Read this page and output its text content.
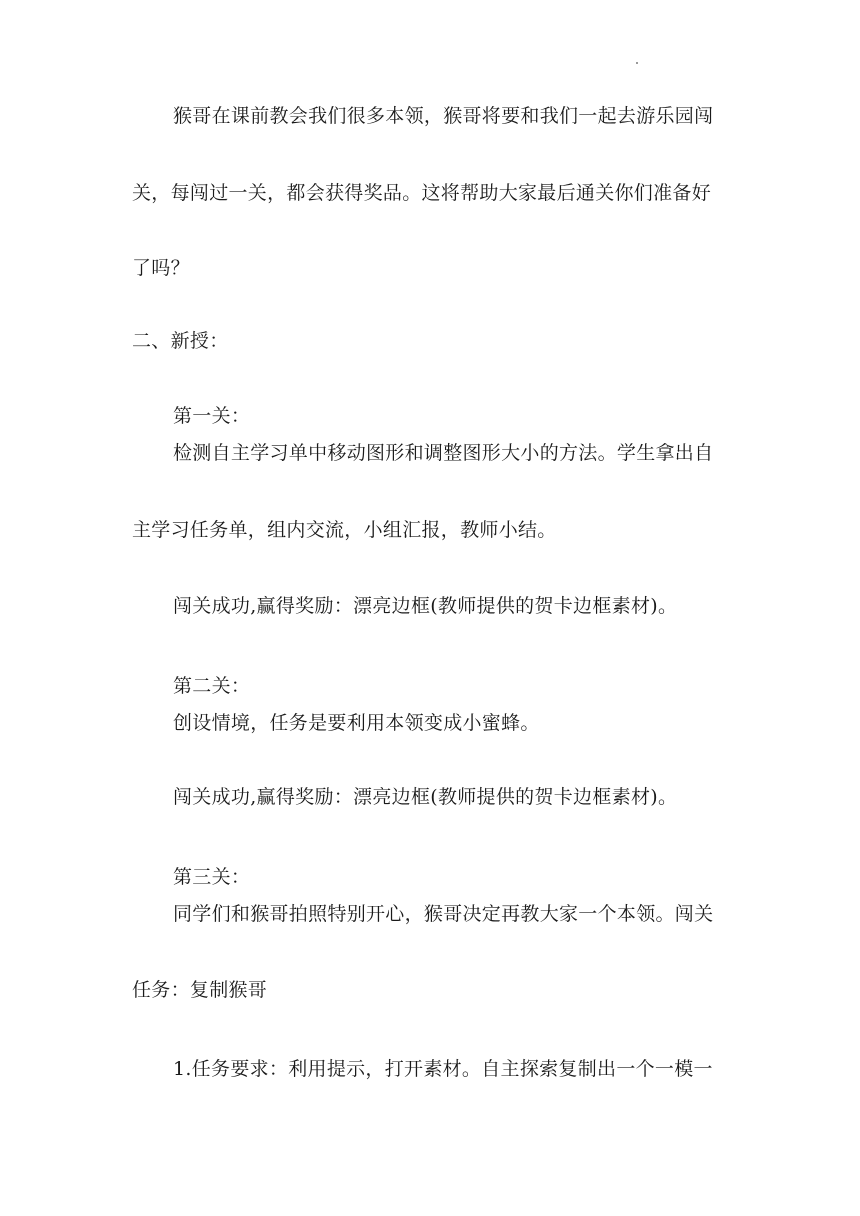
猴哥在课前教会我们很多本领，猴哥将要和我们一起去游乐园闯
关，每闯过一关，都会获得奖品。这将帮助大家最后通关你们准备好
了吗？
二、新授：
第一关：
检测自主学习单中移动图形和调整图形大小的方法。学生拿出自
主学习任务单，组内交流，小组汇报，教师小结。
闯关成功,赢得奖励：漂亮边框(教师提供的贺卡边框素材)。
第二关：
创设情境，任务是要利用本领变成小蜜蜂。
闯关成功,赢得奖励：漂亮边框(教师提供的贺卡边框素材)。
第三关：
同学们和猴哥拍照特别开心，猴哥决定再教大家一个本领。闯关
任务：复制猴哥
1.任务要求：利用提示，打开素材。自主探索复制出一个一模一
